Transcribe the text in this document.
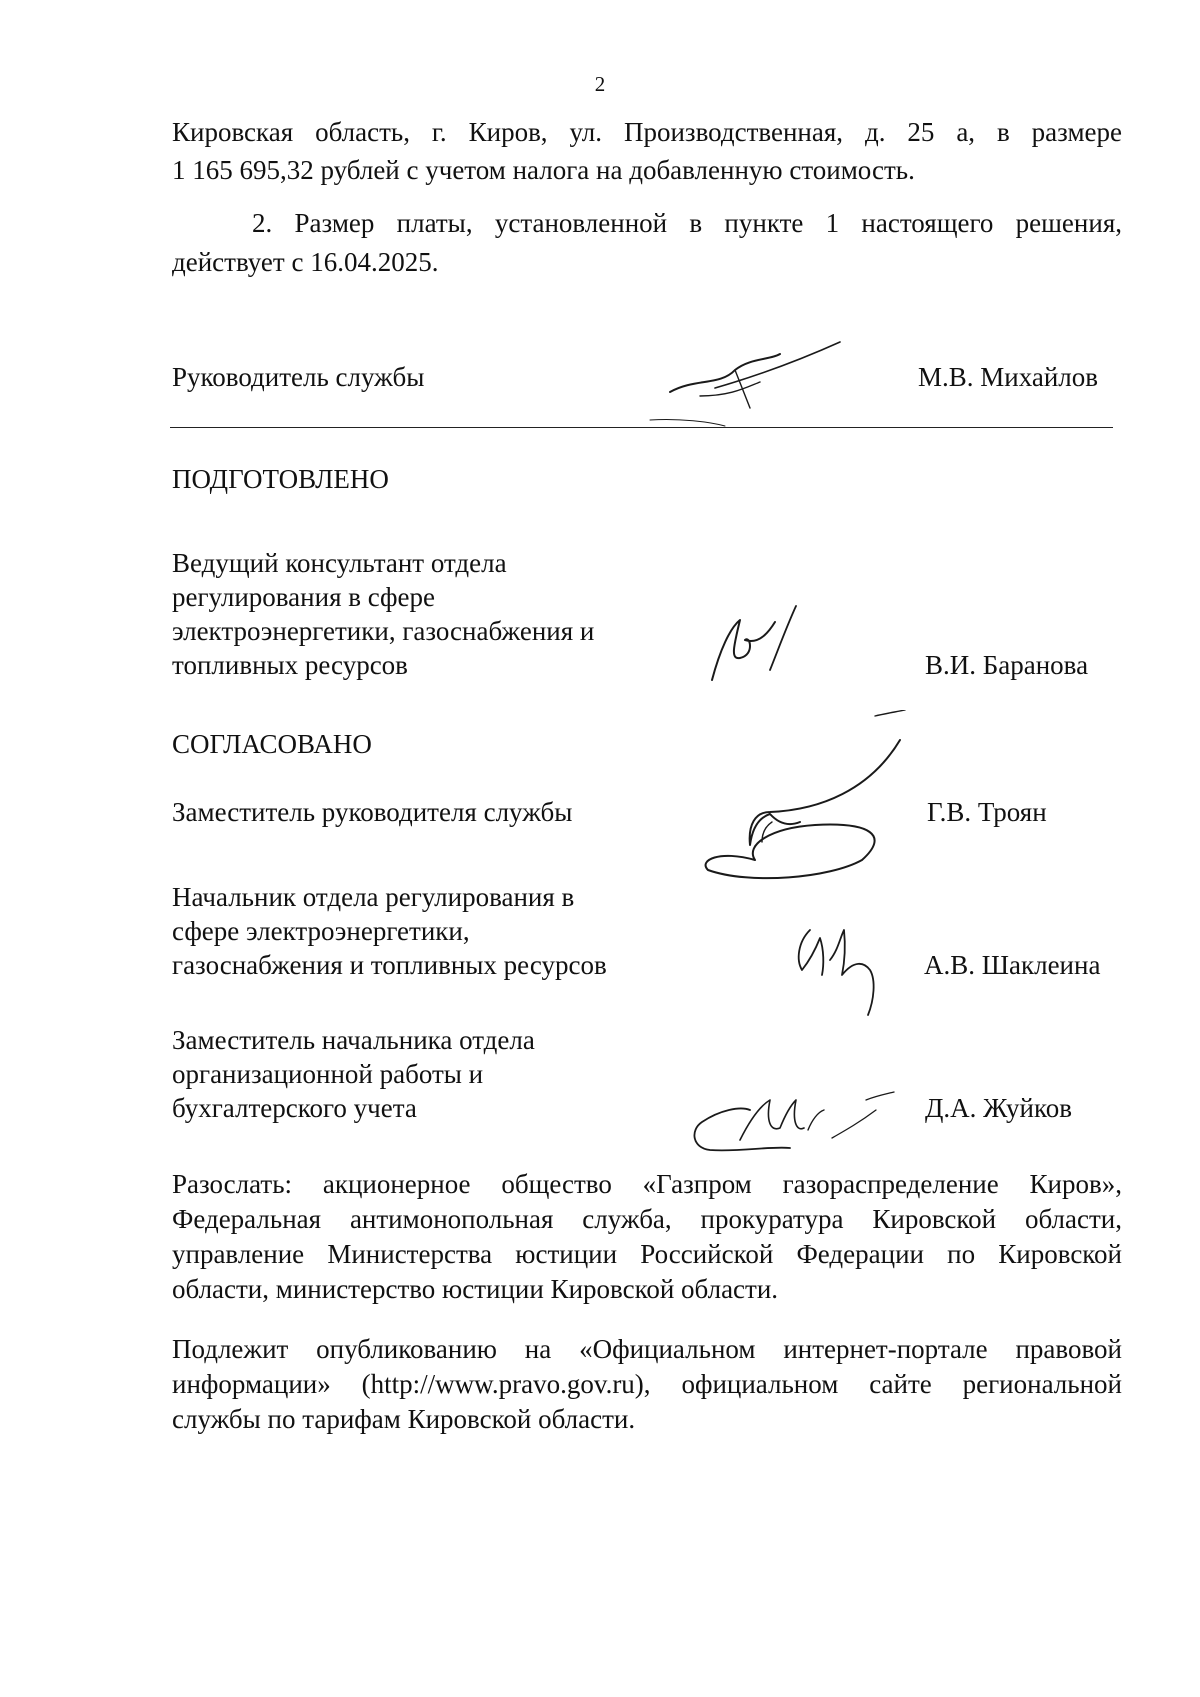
2
Кировская область, г. Киров, ул. Производственная, д. 25 а, в размере
1 165 695,32 рублей с учетом налога на добавленную стоимость.
2. Размер платы, установленной в пункте 1 настоящего решения,
действует с 16.04.2025.
Руководитель службы	М.В. Михайлов
ПОДГОТОВЛЕНО
Ведущий консультант отдела
регулирования в сфере
электроэнергетики, газоснабжения и
топливных ресурсов	В.И. Баранова
СОГЛАСОВАНО
Заместитель руководителя службы	Г.В. Троян
Начальник отдела регулирования в
сфере электроэнергетики,
газоснабжения и топливных ресурсов	А.В. Шаклеина
Заместитель начальника отдела
организационной работы и
бухгалтерского учета	Д.А. Жуйков
Разослать: акционерное общество «Газпром газораспределение Киров»,
Федеральная антимонопольная служба, прокуратура Кировской области,
управление Министерства юстиции Российской Федерации по Кировской
области, министерство юстиции Кировской области.
Подлежит опубликованию на «Официальном интернет-портале правовой
информации» (http://www.pravo.gov.ru), официальном сайте региональной
службы по тарифам Кировской области.
